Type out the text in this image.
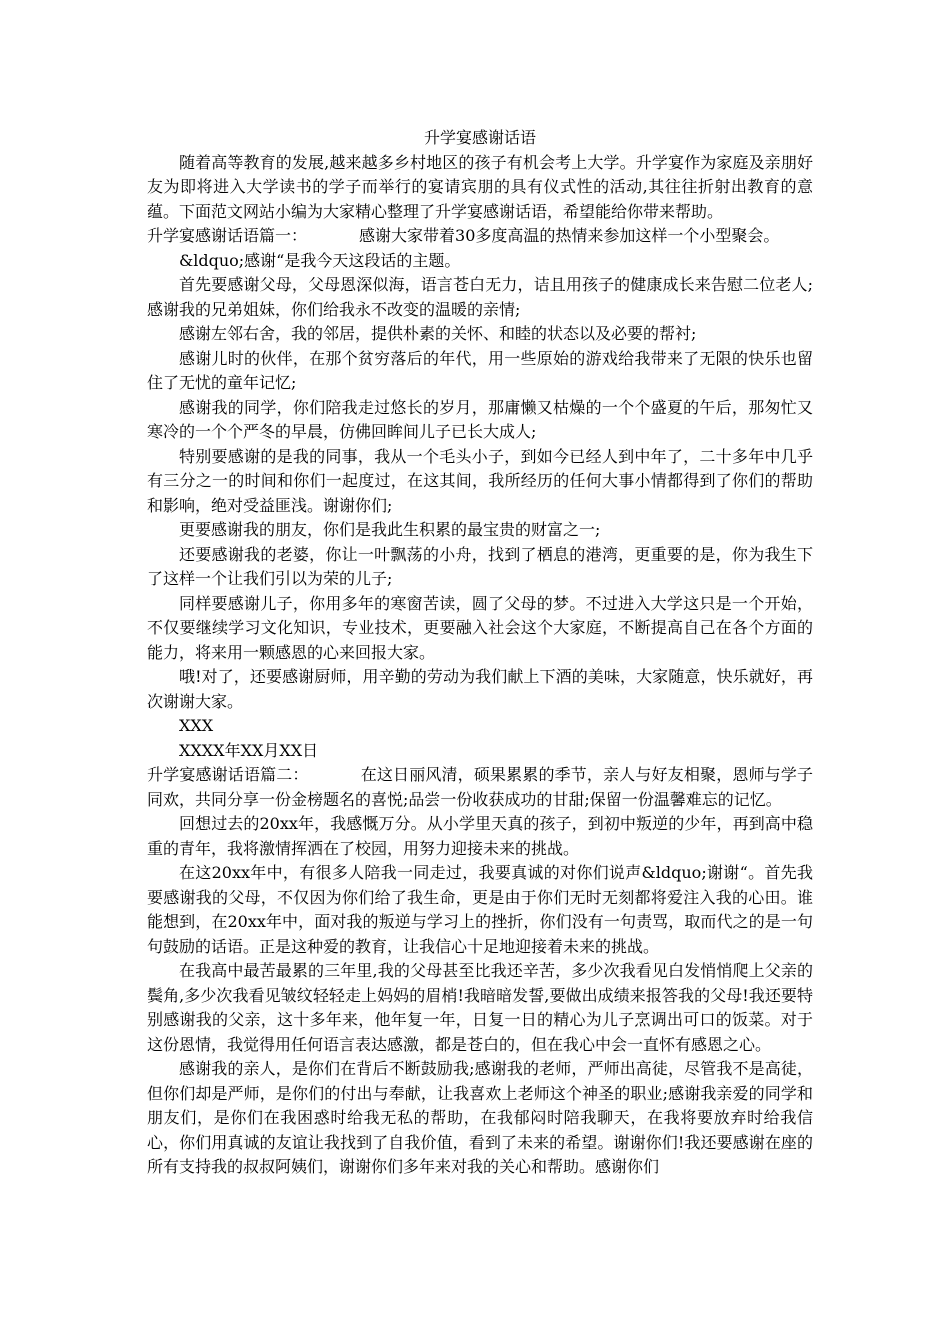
升学宴感谢话语

随着高等教育的发展,越来越多乡村地区的孩子有机会考上大学。升学宴作为家庭及亲朋好友为即将进入大学读书的学子而举行的宴请宾朋的具有仪式性的活动,其往往折射出教育的意蕴。下面范文网站小编为大家精心整理了升学宴感谢话语，希望能给你带来帮助。

升学宴感谢话语篇一：	感谢大家带着30多度高温的热情来参加这样一个小型聚会。

&ldquo;感谢“是我今天这段话的主题。

首先要感谢父母，父母恩深似海，语言苍白无力，诘且用孩子的健康成长来告慰二位老人;感谢我的兄弟姐妹，你们给我永不改变的温暖的亲情;

感谢左邻右舍，我的邻居，提供朴素的关怀、和睦的状态以及必要的帮衬;

感谢儿时的伙伴，在那个贫穷落后的年代，用一些原始的游戏给我带来了无限的快乐也留住了无忧的童年记忆;

感谢我的同学，你们陪我走过悠长的岁月，那庸懒又枯燥的一个个盛夏的午后，那匆忙又寒冷的一个个严冬的早晨，仿佛回眸间儿子已长大成人;

特别要感谢的是我的同事，我从一个毛头小子，到如今已经人到中年了，二十多年中几乎有三分之一的时间和你们一起度过，在这其间，我所经历的任何大事小情都得到了你们的帮助和影响，绝对受益匪浅。谢谢你们;

更要感谢我的朋友，你们是我此生积累的最宝贵的财富之一;

还要感谢我的老婆，你让一叶飘荡的小舟，找到了栖息的港湾，更重要的是，你为我生下了这样一个让我们引以为荣的儿子;

同样要感谢儿子，你用多年的寒窗苦读，圆了父母的梦。不过进入大学这只是一个开始，不仅要继续学习文化知识，专业技术，更要融入社会这个大家庭，不断提高自己在各个方面的能力，将来用一颗感恩的心来回报大家。

哦!对了，还要感谢厨师，用辛勤的劳动为我们献上下酒的美味，大家随意，快乐就好，再次谢谢大家。

XXX

XXXX年XX月XX日

升学宴感谢话语篇二：	在这日丽风清，硕果累累的季节，亲人与好友相聚，恩师与学子同欢，共同分享一份金榜题名的喜悦;品尝一份收获成功的甘甜;保留一份温馨难忘的记忆。

回想过去的20xx年，我感慨万分。从小学里天真的孩子，到初中叛逆的少年，再到高中稳重的青年，我将激情挥洒在了校园，用努力迎接未来的挑战。

在这20xx年中，有很多人陪我一同走过，我要真诚的对你们说声&ldquo;谢谢“。首先我要感谢我的父母，不仅因为你们给了我生命，更是由于你们无时无刻都将爱注入我的心田。谁能想到，在20xx年中，面对我的叛逆与学习上的挫折，你们没有一句责骂，取而代之的是一句句鼓励的话语。正是这种爱的教育，让我信心十足地迎接着未来的挑战。

在我高中最苦最累的三年里,我的父母甚至比我还辛苦，多少次我看见白发悄悄爬上父亲的鬓角,多少次我看见皱纹轻轻走上妈妈的眉梢!我暗暗发誓,要做出成绩来报答我的父母!我还要特别感谢我的父亲，这十多年来，他年复一年，日复一日的精心为儿子烹调出可口的饭菜。对于这份恩情，我觉得用任何语言表达感激，都是苍白的，但在我心中会一直怀有感恩之心。

感谢我的亲人，是你们在背后不断鼓励我;感谢我的老师，严师出高徒，尽管我不是高徒，但你们却是严师，是你们的付出与奉献，让我喜欢上老师这个神圣的职业;感谢我亲爱的同学和朋友们，是你们在我困惑时给我无私的帮助，在我郁闷时陪我聊天，在我将要放弃时给我信心，你们用真诚的友谊让我找到了自我价值，看到了未来的希望。谢谢你们!我还要感谢在座的所有支持我的叔叔阿姨们，谢谢你们多年来对我的关心和帮助。感谢你们
